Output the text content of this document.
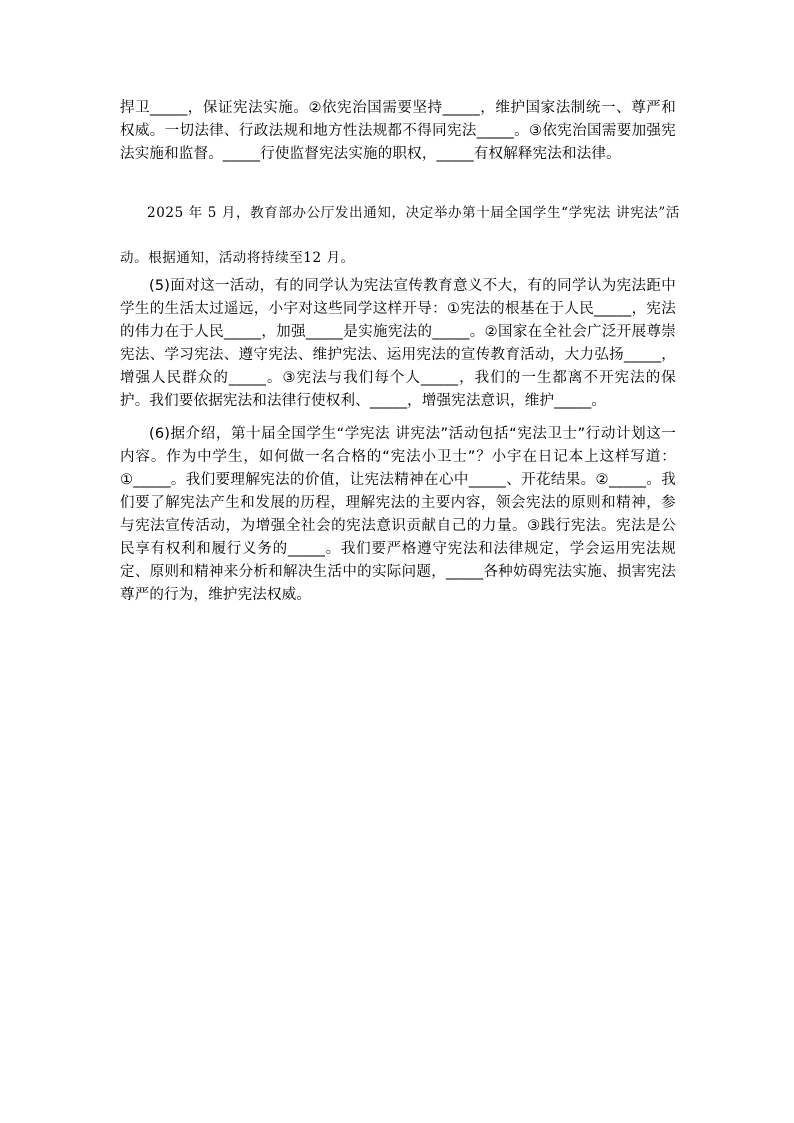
捍卫_____，保证宪法实施。②依宪治国需要坚持_____，维护国家法制统一、尊严和权威。一切法律、行政法规和地方性法规都不得同宪法_____。③依宪治国需要加强宪法实施和监督。_____行使监督宪法实施的职权，_____有权解释宪法和法律。

2025 年 5 月，教育部办公厅发出通知，决定举办第十届全国学生“学宪法 讲宪法”活动。根据通知，活动将持续至12 月。

(5)面对这一活动，有的同学认为宪法宣传教育意义不大，有的同学认为宪法距中学生的生活太过遥远，小宇对这些同学这样开导：①宪法的根基在于人民_____，宪法的伟力在于人民_____，加强_____是实施宪法的_____。②国家在全社会广泛开展尊崇宪法、学习宪法、遵守宪法、维护宪法、运用宪法的宣传教育活动，大力弘扬_____，增强人民群众的_____。③宪法与我们每个人_____，我们的一生都离不开宪法的保护。我们要依据宪法和法律行使权利、_____，增强宪法意识，维护_____。

(6)据介绍，第十届全国学生“学宪法 讲宪法”活动包括“宪法卫士”行动计划这一内容。作为中学生，如何做一名合格的“宪法小卫士”？小宇在日记本上这样写道：①_____。我们要理解宪法的价值，让宪法精神在心中_____、开花结果。②_____。我们要了解宪法产生和发展的历程，理解宪法的主要内容，领会宪法的原则和精神，参与宪法宣传活动，为增强全社会的宪法意识贡献自己的力量。③践行宪法。宪法是公民享有权利和履行义务的_____。我们要严格遵守宪法和法律规定，学会运用宪法规定、原则和精神来分析和解决生活中的实际问题，_____各种妨碍宪法实施、损害宪法尊严的行为，维护宪法权威。
